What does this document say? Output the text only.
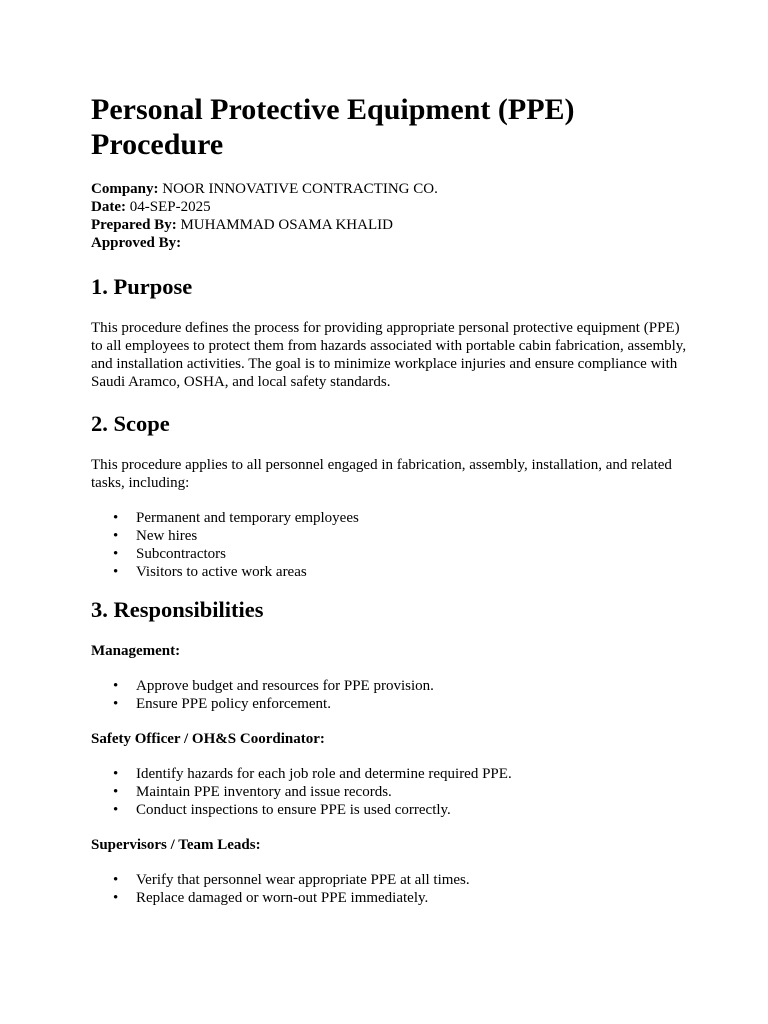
Personal Protective Equipment (PPE) Procedure
Company: NOOR INNOVATIVE CONTRACTING CO.
Date: 04-SEP-2025
Prepared By: MUHAMMAD OSAMA KHALID
Approved By:
1. Purpose

This procedure defines the process for providing appropriate personal protective equipment (PPE) to all employees to protect them from hazards associated with portable cabin fabrication, assembly, and installation activities. The goal is to minimize workplace injuries and ensure compliance with Saudi Aramco, OSHA, and local safety standards.

2. Scope

This procedure applies to all personnel engaged in fabrication, assembly, installation, and related tasks, including:

• Permanent and temporary employees
• New hires
• Subcontractors
• Visitors to active work areas
3. Responsibilities
Management:
• Approve budget and resources for PPE provision.
• Ensure PPE policy enforcement.
Safety Officer / OH&S Coordinator:
• Identify hazards for each job role and determine required PPE.
• Maintain PPE inventory and issue records.
• Conduct inspections to ensure PPE is used correctly.
Supervisors / Team Leads:
• Verify that personnel wear appropriate PPE at all times.
• Replace damaged or worn-out PPE immediately.
